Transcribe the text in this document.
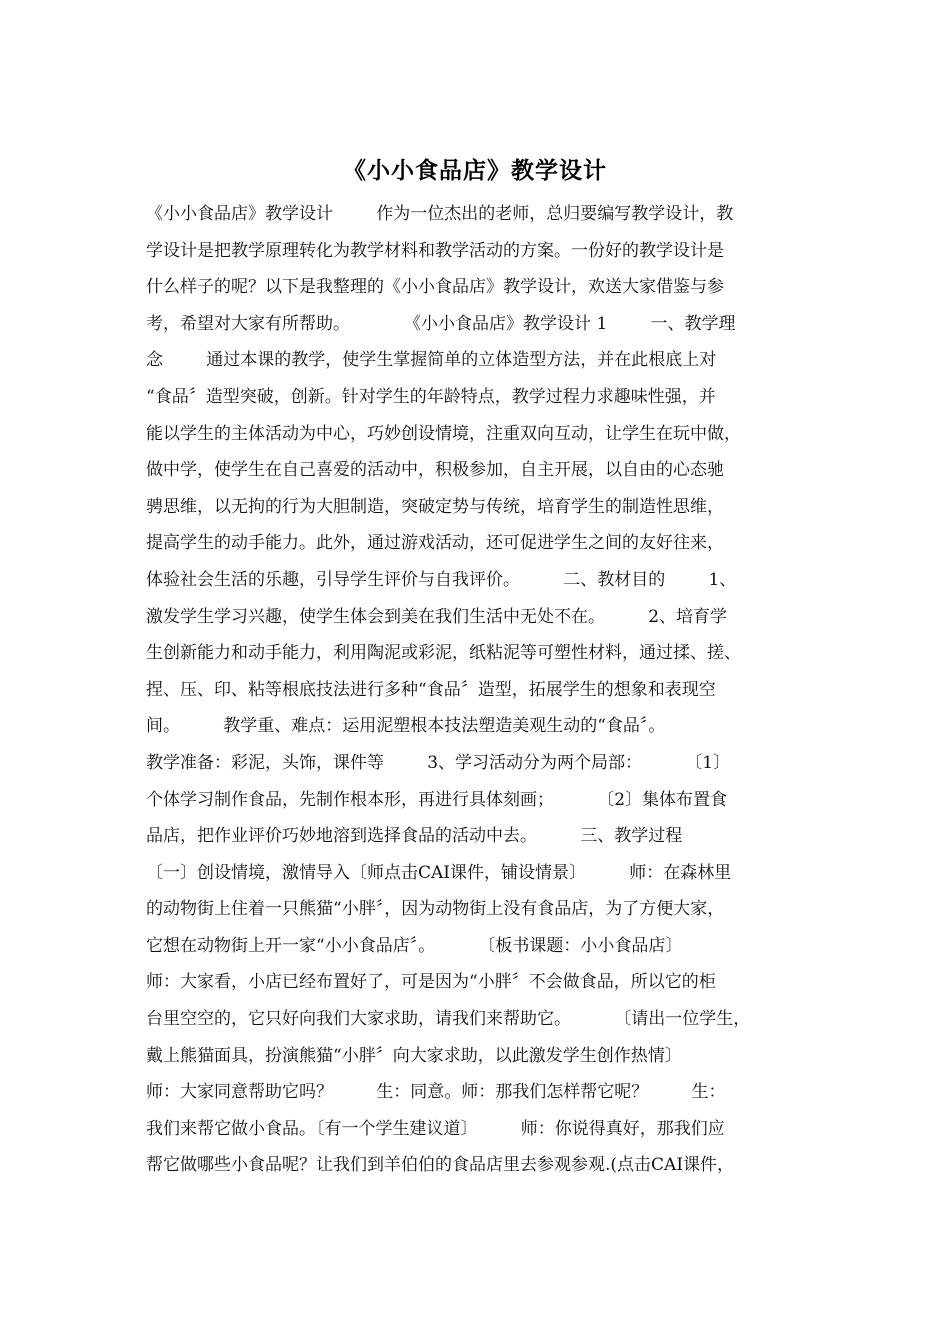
《小小食品店》教学设计
《小小食品店》教学设计        作为一位杰出的老师，总归要编写教学设计，教
学设计是把教学原理转化为教学材料和教学活动的方案。一份好的教学设计是
什么样子的呢？以下是我整理的《小小食品店》教学设计，欢送大家借鉴与参
考，希望对大家有所帮助。          《小小食品店》教学设计 1        一、教学理
念        通过本课的教学，使学生掌握简单的立体造型方法，并在此根底上对
“食品〞造型突破，创新。针对学生的年龄特点，教学过程力求趣味性强，并
能以学生的主体活动为中心，巧妙创设情境，注重双向互动，让学生在玩中做，
做中学，使学生在自己喜爱的活动中，积极参加，自主开展，以自由的心态驰
骋思维，以无拘的行为大胆制造，突破定势与传统，培育学生的制造性思维，
提高学生的动手能力。此外，通过游戏活动，还可促进学生之间的友好往来，
体验社会生活的乐趣，引导学生评价与自我评价。        二、教材目的        1、
激发学生学习兴趣，使学生体会到美在我们生活中无处不在。        2、培育学
生创新能力和动手能力，利用陶泥或彩泥，纸粘泥等可塑性材料，通过揉、搓、
捏、压、印、粘等根底技法进行多种“食品〞造型，拓展学生的想象和表现空
间。        教学重、难点：运用泥塑根本技法塑造美观生动的“食品〞。
教学准备：彩泥，头饰，课件等        3、学习活动分为两个局部：        〔1〕
个体学习制作食品，先制作根本形，再进行具体刻画；        〔2〕集体布置食
品店，把作业评价巧妙地溶到选择食品的活动中去。        三、教学过程
〔一〕创设情境，激情导入〔师点击CAI课件，铺设情景〕        师：在森林里
的动物街上住着一只熊猫“小胖〞，因为动物街上没有食品店，为了方便大家，
它想在动物街上开一家“小小食品店〞。        〔板书课题：小小食品店〕
师：大家看，小店已经布置好了，可是因为“小胖〞不会做食品，所以它的柜
台里空空的，它只好向我们大家求助，请我们来帮助它。        〔请出一位学生，
戴上熊猫面具，扮演熊猫“小胖〞向大家求助，以此激发学生创作热情〕
师：大家同意帮助它吗？        生：同意。师：那我们怎样帮它呢？        生：
我们来帮它做小食品。〔有一个学生建议道〕        师：你说得真好，那我们应
帮它做哪些小食品呢？让我们到羊伯伯的食品店里去参观参观.(点击CAI课件，
